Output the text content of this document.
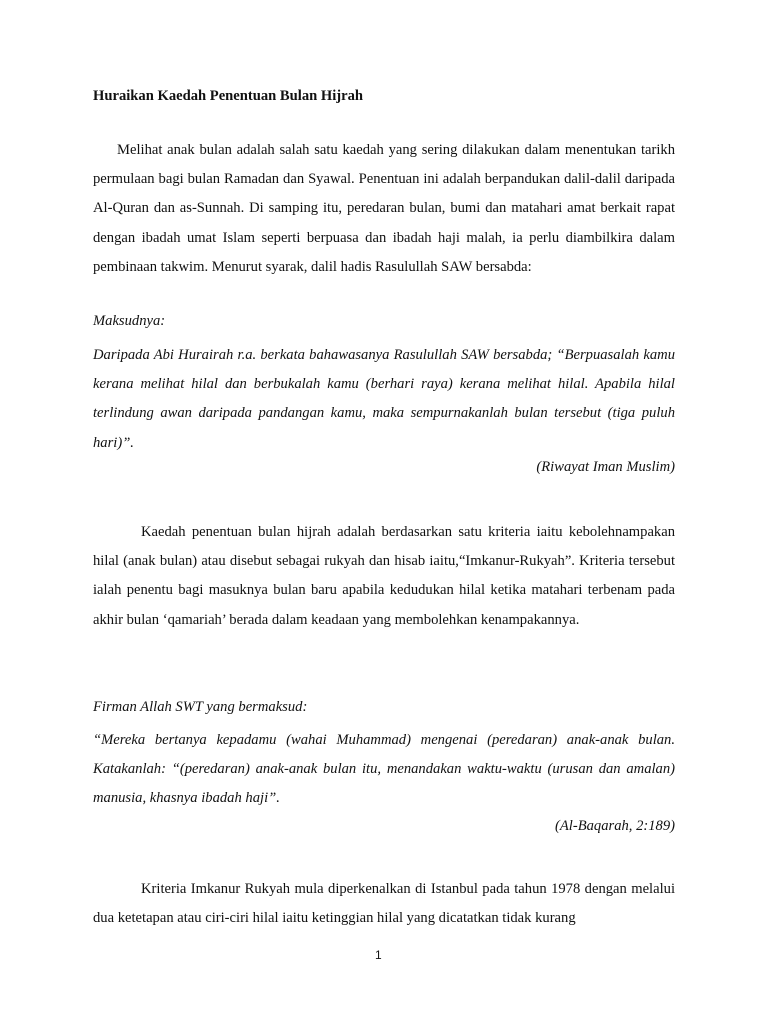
Huraikan Kaedah Penentuan Bulan Hijrah

Melihat anak bulan adalah salah satu kaedah yang sering dilakukan dalam menentukan tarikh permulaan bagi bulan Ramadan dan Syawal. Penentuan ini adalah berpandukan dalil-dalil daripada Al-Quran dan as-Sunnah. Di samping itu, peredaran bulan, bumi dan matahari amat berkait rapat dengan ibadah umat Islam seperti berpuasa dan ibadah haji malah, ia perlu diambilkira dalam pembinaan takwim. Menurut syarak, dalil hadis Rasulullah SAW bersabda:

Maksudnya:

Daripada Abi Hurairah r.a. berkata bahawasanya Rasulullah SAW bersabda; “Berpuasalah kamu kerana melihat hilal dan berbukalah kamu (berhari raya) kerana melihat hilal. Apabila hilal terlindung awan daripada pandangan kamu, maka sempurnakanlah bulan tersebut (tiga puluh hari)”.

(Riwayat Iman Muslim)

Kaedah penentuan bulan hijrah adalah berdasarkan satu kriteria iaitu kebolehnampakan hilal (anak bulan) atau disebut sebagai rukyah dan hisab iaitu,“Imkanur-Rukyah”. Kriteria tersebut ialah penentu bagi masuknya bulan baru apabila kedudukan hilal ketika matahari terbenam pada akhir bulan ‘qamariah’ berada dalam keadaan yang membolehkan kenampakannya.

Firman Allah SWT yang bermaksud:

“Mereka bertanya kepadamu (wahai Muhammad) mengenai (peredaran) anak-anak bulan. Katakanlah: “(peredaran) anak-anak bulan itu, menandakan waktu-waktu (urusan dan amalan) manusia, khasnya ibadah haji”.

(Al-Baqarah, 2:189)

Kriteria Imkanur Rukyah mula diperkenalkan di Istanbul pada tahun 1978 dengan melalui dua ketetapan atau ciri-ciri hilal iaitu ketinggian hilal yang dicatatkan tidak kurang

1
